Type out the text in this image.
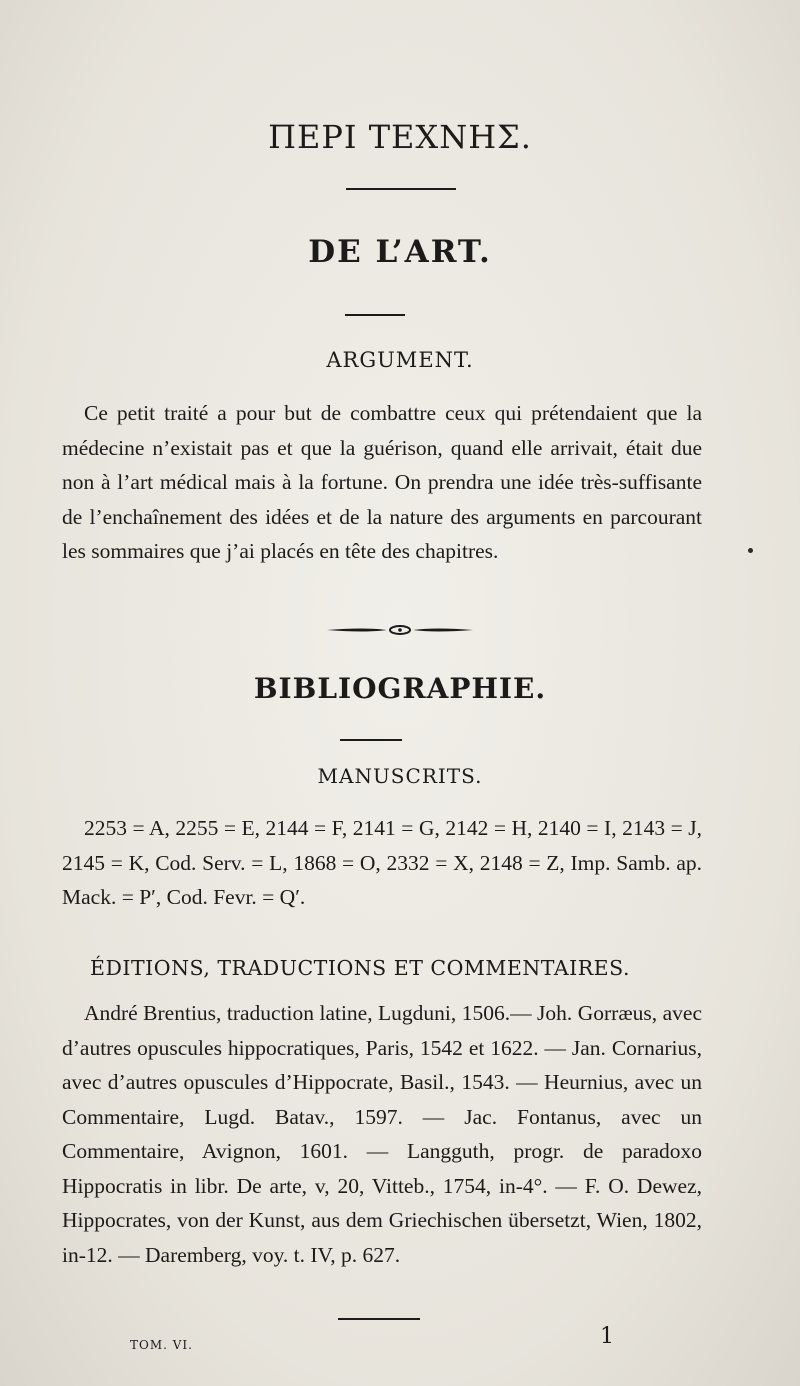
ΠΕΡΙ ΤΕΧΝΗΣ.
DE L’ART.
ARGUMENT.

Ce petit traité a pour but de combattre ceux qui prétendaient que la médecine n’existait pas et que la guérison, quand elle arrivait, était due non à l’art médical mais à la fortune. On prendra une idée très-suffisante de l’enchaînement des idées et de la nature des arguments en parcourant les sommaires que j’ai placés en tête des chapitres.

BIBLIOGRAPHIE.
MANUSCRITS.

2253 = A, 2255 = E, 2144 = F, 2141 = G, 2142 = H, 2140 = I, 2143 = J, 2145 = K, Cod. Serv. = L, 1868 = O, 2332 = X, 2148 = Z, Imp. Samb. ap. Mack. = P′, Cod. Fevr. = Q′.

ÉDITIONS, TRADUCTIONS ET COMMENTAIRES.

André Brentius, traduction latine, Lugduni, 1506.— Joh. Gorræus, avec d’autres opuscules hippocratiques, Paris, 1542 et 1622. — Jan. Cornarius, avec d’autres opuscules d’Hippocrate, Basil., 1543. — Heurnius, avec un Commentaire, Lugd. Batav., 1597. — Jac. Fontanus, avec un Commentaire, Avignon, 1601. — Langguth, progr. de paradoxo Hippocratis in libr. De arte, v, 20, Vitteb., 1754, in-4°. — F. O. Dewez, Hippocrates, von der Kunst, aus dem Griechischen übersetzt, Wien, 1802, in-12. — Daremberg, voy. t. IV, p. 627.

TOM. VI.	1
